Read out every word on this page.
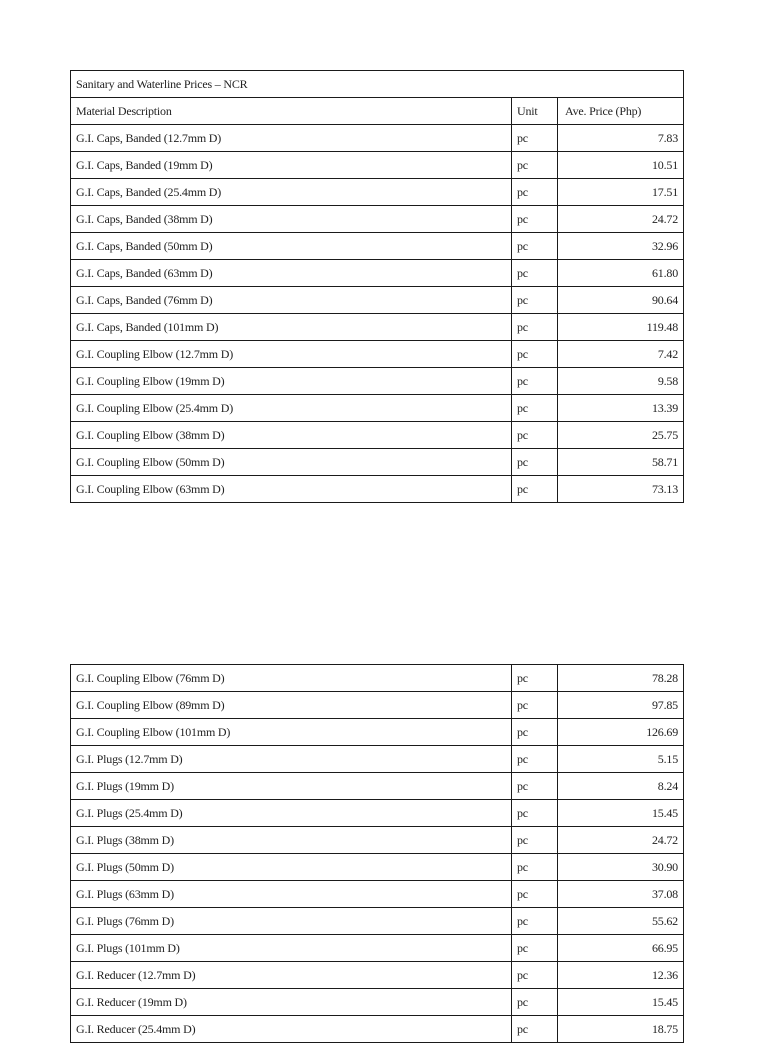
Sanitary and Waterline Prices – NCR		
Material Description	Unit	Ave. Price (Php)
G.I. Caps, Banded (12.7mm D)	pc	7.83
G.I. Caps, Banded (19mm D)	pc	10.51
G.I. Caps, Banded (25.4mm D)	pc	17.51
G.I. Caps, Banded (38mm D)	pc	24.72
G.I. Caps, Banded (50mm D)	pc	32.96
G.I. Caps, Banded (63mm D)	pc	61.80
G.I. Caps, Banded (76mm D)	pc	90.64
G.I. Caps, Banded (101mm D)	pc	119.48
G.I. Coupling Elbow (12.7mm D)	pc	7.42
G.I. Coupling Elbow (19mm D)	pc	9.58
G.I. Coupling Elbow (25.4mm D)	pc	13.39
G.I. Coupling Elbow (38mm D)	pc	25.75
G.I. Coupling Elbow (50mm D)	pc	58.71
G.I. Coupling Elbow (63mm D)	pc	73.13
G.I. Coupling Elbow (76mm D)	pc	78.28
G.I. Coupling Elbow (89mm D)	pc	97.85
G.I. Coupling Elbow (101mm D)	pc	126.69
G.I. Plugs (12.7mm D)	pc	5.15
G.I. Plugs (19mm D)	pc	8.24
G.I. Plugs (25.4mm D)	pc	15.45
G.I. Plugs (38mm D)	pc	24.72
G.I. Plugs (50mm D)	pc	30.90
G.I. Plugs (63mm D)	pc	37.08
G.I. Plugs (76mm D)	pc	55.62
G.I. Plugs (101mm D)	pc	66.95
G.I. Reducer (12.7mm D)	pc	12.36
G.I. Reducer (19mm D)	pc	15.45
G.I. Reducer (25.4mm D)	pc	18.75
